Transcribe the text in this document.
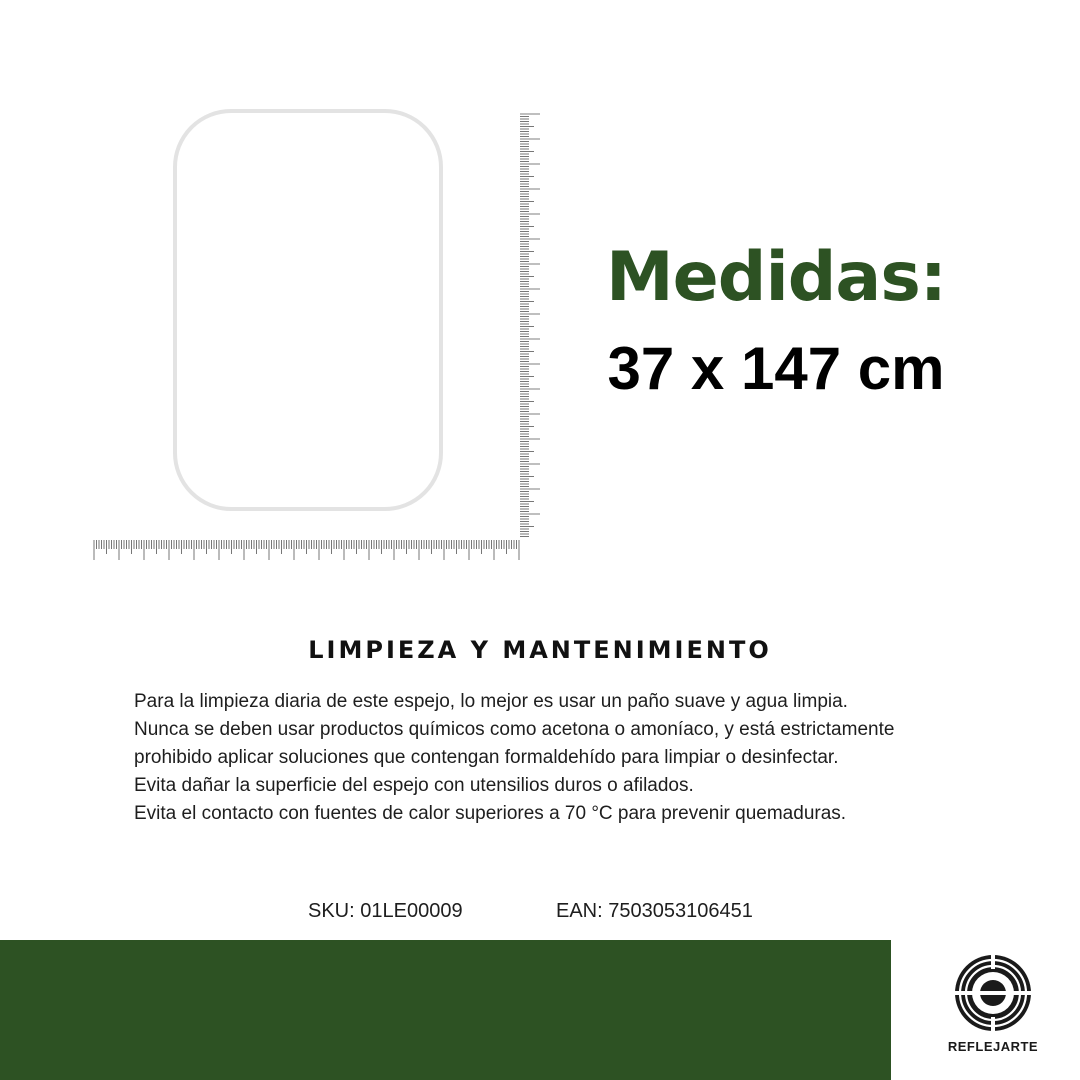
Medidas:
37 x 147 cm
LIMPIEZA Y MANTENIMIENTO

Para la limpieza diaria de este espejo, lo mejor es usar un paño suave y agua limpia.

Nunca se deben usar productos químicos como acetona o amoníaco, y está estrictamente

prohibido aplicar soluciones que contengan formaldehído para limpiar o desinfectar.

Evita dañar la superficie del espejo con utensilios duros o afilados.

Evita el contacto con fuentes de calor superiores a 70 °C para prevenir quemaduras.

SKU: 01LE00009	EAN: 7503053106451
REFLEJARTE
